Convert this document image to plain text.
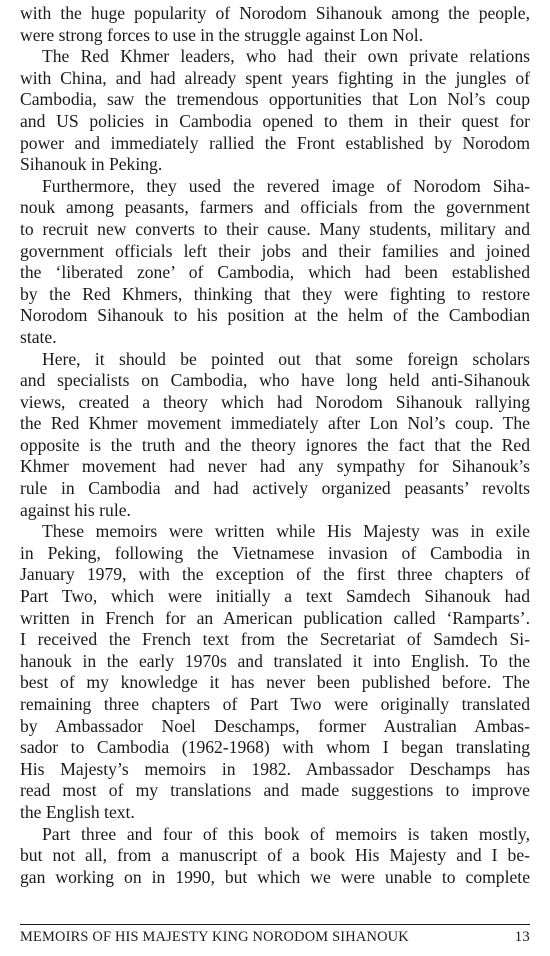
with the huge popularity of Norodom Sihanouk among the people,
were strong forces to use in the struggle against Lon Nol.
The Red Khmer leaders, who had their own private relations
with China, and had already spent years fighting in the jungles of
Cambodia, saw the tremendous opportunities that Lon Nol’s coup
and US policies in Cambodia opened to them in their quest for
power and immediately rallied the Front established by Norodom
Sihanouk in Peking.
Furthermore, they used the revered image of Norodom Siha-
nouk among peasants, farmers and officials from the government
to recruit new converts to their cause. Many students, military and
government officials left their jobs and their families and joined
the ‘liberated zone’ of Cambodia, which had been established
by the Red Khmers, thinking that they were fighting to restore
Norodom Sihanouk to his position at the helm of the Cambodian
state.
Here, it should be pointed out that some foreign scholars
and specialists on Cambodia, who have long held anti-Sihanouk
views, created a theory which had Norodom Sihanouk rallying
the Red Khmer movement immediately after Lon Nol’s coup. The
opposite is the truth and the theory ignores the fact that the Red
Khmer movement had never had any sympathy for Sihanouk’s
rule in Cambodia and had actively organized peasants’ revolts
against his rule.
These memoirs were written while His Majesty was in exile
in Peking, following the Vietnamese invasion of Cambodia in
January 1979, with the exception of the first three chapters of
Part Two, which were initially a text Samdech Sihanouk had
written in French for an American publication called ‘Ramparts’.
I received the French text from the Secretariat of Samdech Si-
hanouk in the early 1970s and translated it into English. To the
best of my knowledge it has never been published before. The
remaining three chapters of Part Two were originally translated
by Ambassador Noel Deschamps, former Australian Ambas-
sador to Cambodia (1962-1968) with whom I began translating
His Majesty’s memoirs in 1982. Ambassador Deschamps has
read most of my translations and made suggestions to improve
the English text.
Part three and four of this book of memoirs is taken mostly,
but not all, from a manuscript of a book His Majesty and I be-
gan working on in 1990, but which we were unable to complete
MEMOIRS OF HIS MAJESTY KING NORODOM SIHANOUK	13
